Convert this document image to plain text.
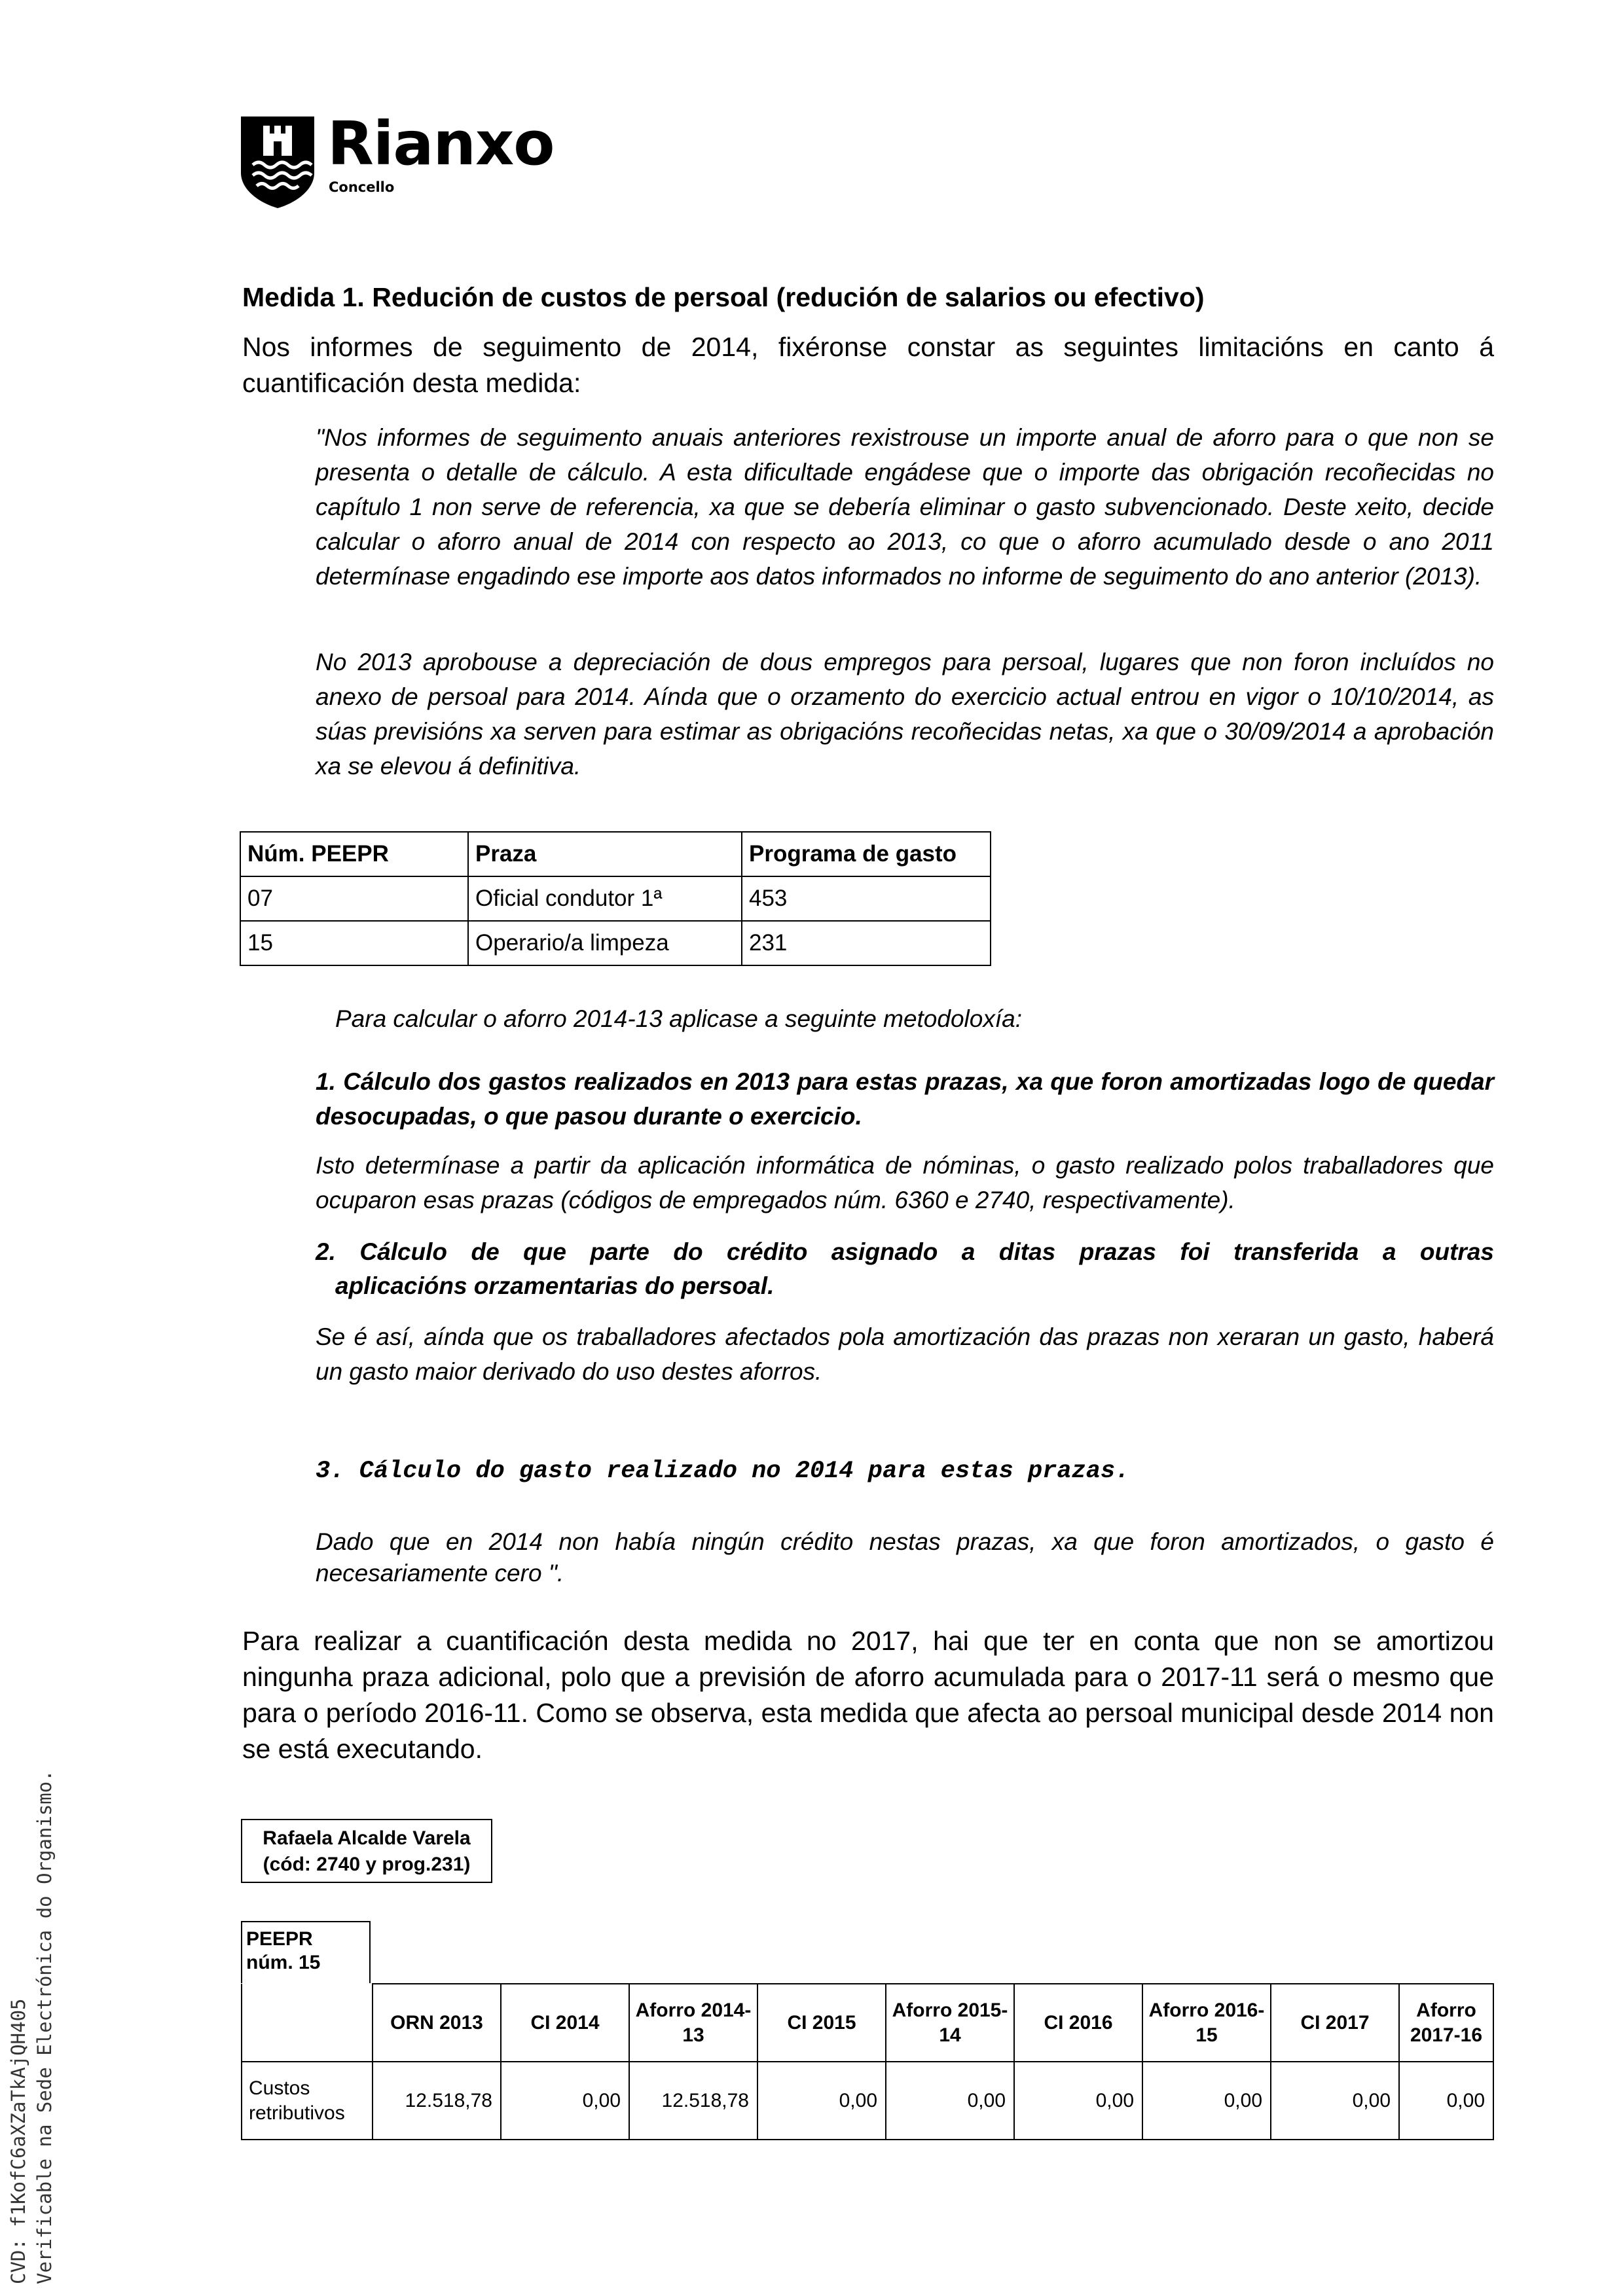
Rianxo
Concello
Medida 1. Redución de custos de persoal (redución de salarios ou efectivo)
Nos informes de seguimento de 2014, fixéronse constar as seguintes limitacións en canto á cuantificación desta medida:
"Nos informes de seguimento anuais anteriores rexistrouse un importe anual de aforro para o que non se presenta o detalle de cálculo. A esta dificultade engádese que o importe das obrigación recoñecidas no capítulo 1 non serve de referencia, xa que se debería eliminar o gasto subvencionado. Deste xeito, decide calcular o aforro anual de 2014 con respecto ao 2013, co que o aforro acumulado desde o ano 2011 determínase engadindo ese importe aos datos informados no informe de seguimento do ano anterior (2013).
No 2013 aprobouse a depreciación de dous empregos para persoal, lugares que non foron incluídos no anexo de persoal para 2014. Aínda que o orzamento do exercicio actual entrou en vigor o 10/10/2014, as súas previsións xa serven para estimar as obrigacións recoñecidas netas, xa que o 30/09/2014 a aprobación xa se elevou á definitiva.
Núm. PEEPR	Praza	Programa de gasto
07	Oficial condutor 1ª	453
15	Operario/a limpeza	231
Para calcular o aforro 2014-13 aplicase a seguinte metodoloxía:
1. Cálculo dos gastos realizados en 2013 para estas prazas, xa que foron amortizadas logo de quedar desocupadas, o que pasou durante o exercicio.
Isto determínase a partir da aplicación informática de nóminas, o gasto realizado polos traballadores que ocuparon esas prazas (códigos de empregados núm. 6360 e 2740, respectivamente).
2. Cálculo de que parte do crédito asignado a ditas prazas foi transferida a outras
aplicacións orzamentarias do persoal.
Se é así, aínda que os traballadores afectados pola amortización das prazas non xeraran un gasto, haberá un gasto maior derivado do uso destes aforros.
3. Cálculo do gasto realizado no 2014 para estas prazas.
Dado que en 2014 non había ningún crédito nestas prazas, xa que foron amortizados, o gasto é necesariamente cero ".
Para realizar a cuantificación desta medida no 2017, hai que ter en conta que non se amortizou ningunha praza adicional, polo que a previsión de aforro acumulada para o 2017-11 será o mesmo que para o período 2016-11. Como se observa, esta medida que afecta ao persoal municipal desde 2014 non se está executando.
Rafaela Alcalde Varela
(cód: 2740 y prog.231)
PEEPR
núm. 15
	ORN 2013	CI 2014	Aforro 2014-13	CI 2015	Aforro 2015-14	CI 2016	Aforro 2016-15	CI 2017	Aforro 2017-16
Custos retributivos	12.518,78	0,00	12.518,78	0,00	0,00	0,00	0,00	0,00	0,00
CVD: f1KofC6aXZaTkAjQH405 Verificable na Sede Electrónica do Organismo.
